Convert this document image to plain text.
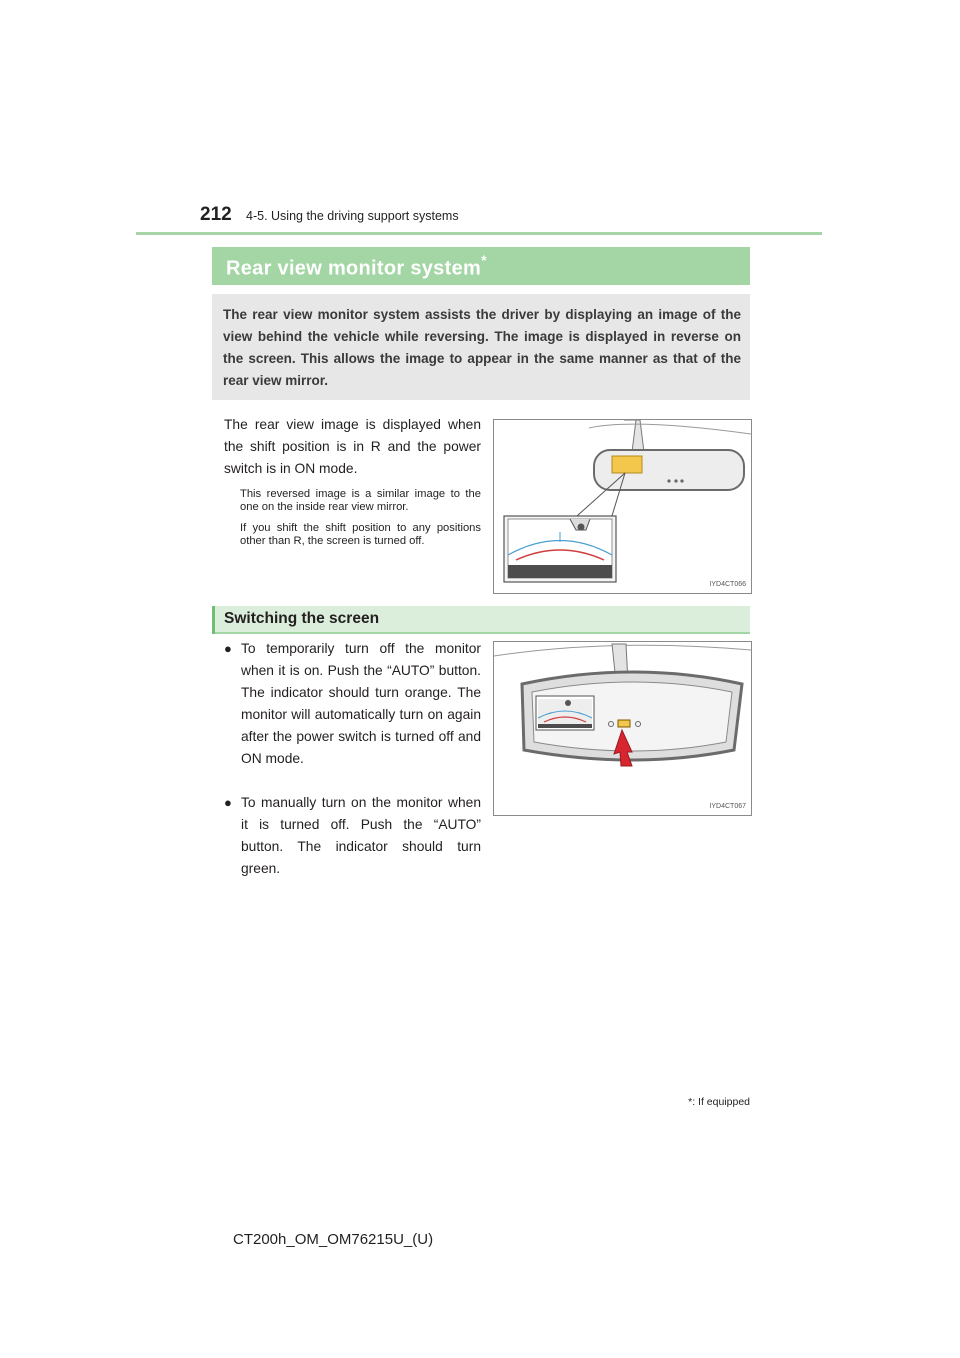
212 4-5. Using the driving support systems
Rear view monitor system*
The rear view monitor system assists the driver by displaying an image of the view behind the vehicle while reversing. The image is displayed in reverse on the screen. This allows the image to appear in the same manner as that of the rear view mirror.
The rear view image is displayed when the shift position is in R and the power switch is in ON mode.
This reversed image is a similar image to the one on the inside rear view mirror.
If you shift the shift position to any positions other than R, the screen is turned off.
IYD4CT066
Switching the screen
● To temporarily turn off the monitor when it is on. Push the “AUTO” button. The indicator should turn orange. The monitor will automatically turn on again after the power switch is turned off and ON mode.
● To manually turn on the monitor when it is turned off. Push the “AUTO” button. The indicator should turn green.
IYD4CT067
*: If equipped
CT200h_OM_OM76215U_(U)
